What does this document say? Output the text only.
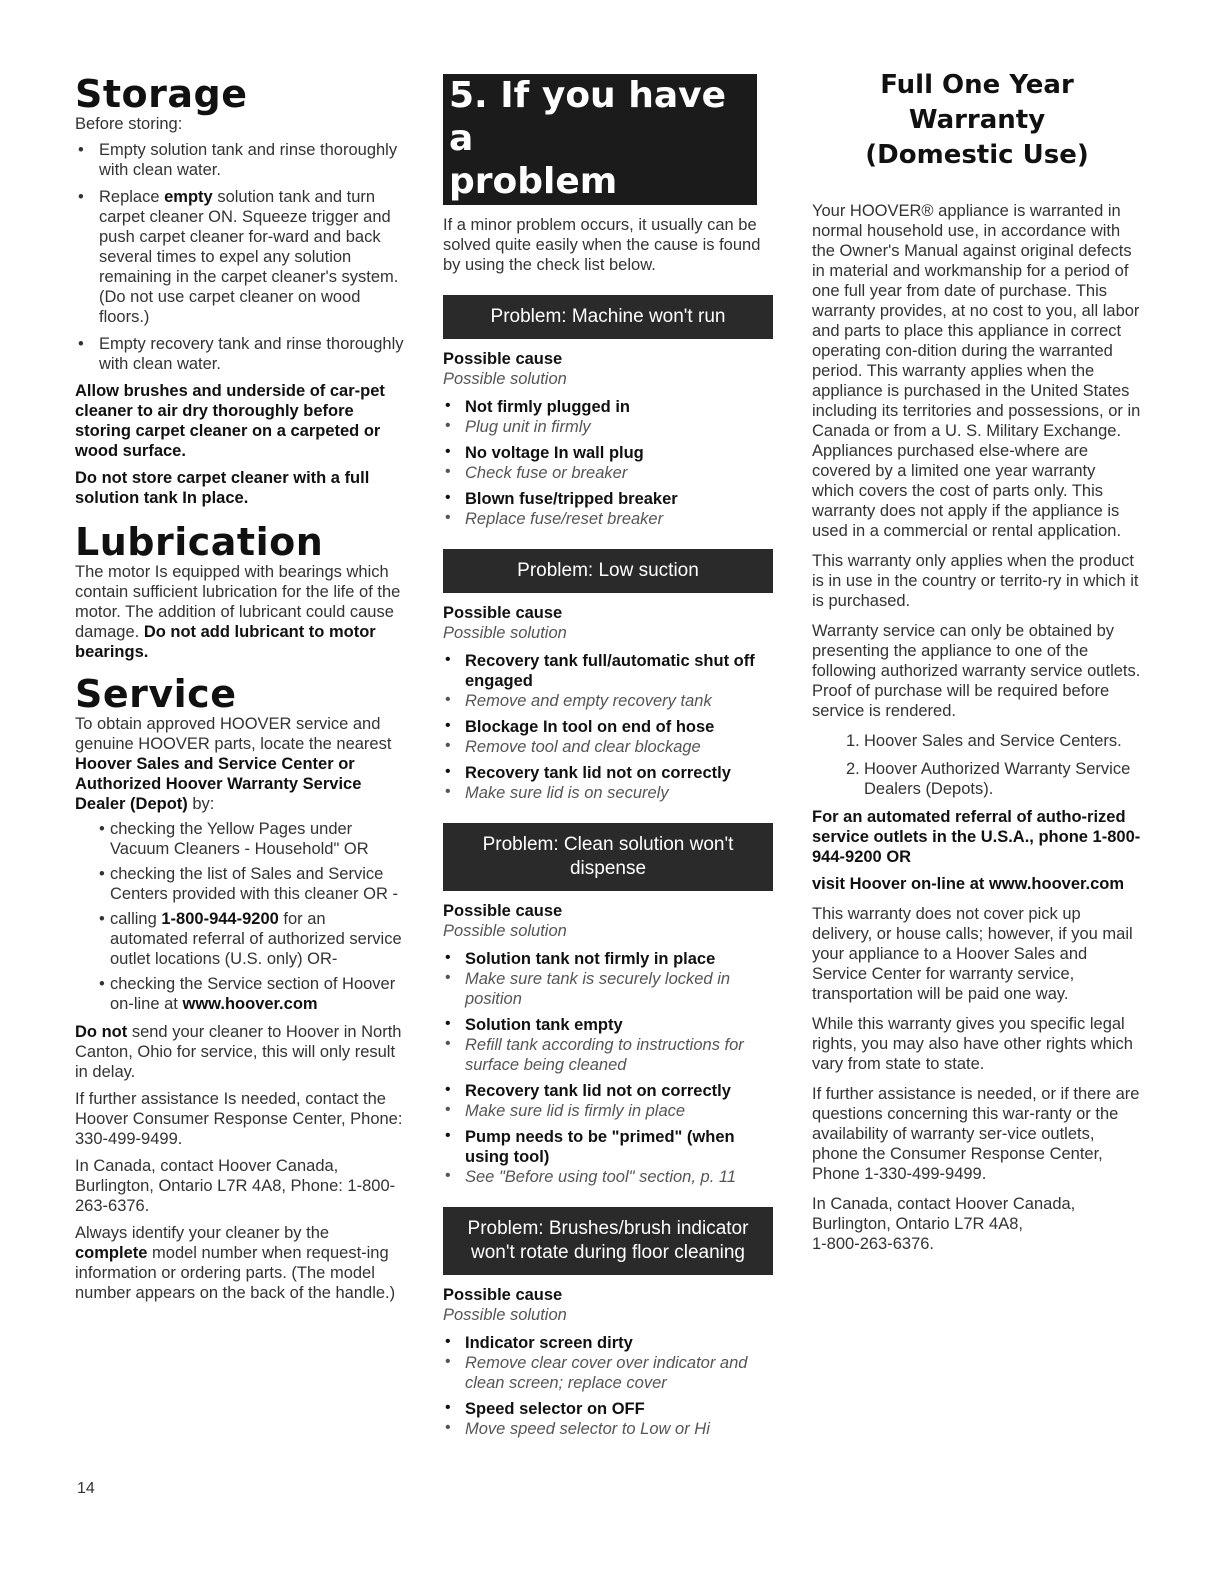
Storage

Before storing:

• Empty solution tank and rinse thoroughly with clean water.
• Replace empty solution tank and turn carpet cleaner ON. Squeeze trigger and push carpet cleaner for-ward and back several times to expel any solution remaining in the carpet cleaner's system. (Do not use carpet cleaner on wood floors.)
• Empty recovery tank and rinse thoroughly with clean water.

Allow brushes and underside of car-pet cleaner to air dry thoroughly before storing carpet cleaner on a carpeted or wood surface.

Do not store carpet cleaner with a full solution tank In place.

Lubrication

The motor Is equipped with bearings which contain sufficient lubrication for the life of the motor. The addition of lubricant could cause damage. Do not add lubricant to motor bearings.

Service

To obtain approved HOOVER service and genuine HOOVER parts, locate the nearest Hoover Sales and Service Center or Authorized Hoover Warranty Service Dealer (Depot) by:

• checking the Yellow Pages under Vacuum Cleaners - Household" OR
• checking the list of Sales and Service Centers provided with this cleaner OR -
• calling 1-800-944-9200 for an automated referral of authorized service outlet locations (U.S. only) OR-
• checking the Service section of Hoover on-line at www.hoover.com

Do not send your cleaner to Hoover in North Canton, Ohio for service, this will only result in delay.

If further assistance Is needed, contact the Hoover Consumer Response Center, Phone: 330-499-9499.

In Canada, contact Hoover Canada, Burlington, Ontario L7R 4A8, Phone: 1-800-263-6376.

Always identify your cleaner by the complete model number when request-ing information or ordering parts. (The model number appears on the back of the handle.)

5. If you have a
problem

If a minor problem occurs, it usually can be solved quite easily when the cause is found by using the check list below.

Problem: Machine won't run

Possible cause

Possible solution

• Not firmly plugged in
• Plug unit in firmly
• No voltage In wall plug
• Check fuse or breaker
• Blown fuse/tripped breaker
• Replace fuse/reset breaker
Problem: Low suction

Possible cause

Possible solution

• Recovery tank full/automatic shut off engaged
• Remove and empty recovery tank
• Blockage In tool on end of hose
• Remove tool and clear blockage
• Recovery tank lid not on correctly
• Make sure lid is on securely
Problem: Clean solution won't dispense

Possible cause

Possible solution

• Solution tank not firmly in place
• Make sure tank is securely locked in position
• Solution tank empty
• Refill tank according to instructions for surface being cleaned
• Recovery tank lid not on correctly
• Make sure lid is firmly in place
• Pump needs to be "primed" (when using tool)
• See "Before using tool" section, p. 11
Problem: Brushes/brush indicator won't rotate during floor cleaning

Possible cause

Possible solution

• Indicator screen dirty
• Remove clear cover over indicator and clean screen; replace cover
• Speed selector on OFF
• Move speed selector to Low or Hi
Full One Year
Warranty
(Domestic Use)

Your HOOVER® appliance is warranted in normal household use, in accordance with the Owner's Manual against original defects in material and workmanship for a period of one full year from date of purchase. This warranty provides, at no cost to you, all labor and parts to place this appliance in correct operating con-dition during the warranted period. This warranty applies when the appliance is purchased in the United States including its territories and possessions, or in Canada or from a U. S. Military Exchange. Appliances purchased else-where are covered by a limited one year warranty which covers the cost of parts only. This warranty does not apply if the appliance is used in a commercial or rental application.

This warranty only applies when the product is in use in the country or territo-ry in which it is purchased.

Warranty service can only be obtained by presenting the appliance to one of the following authorized warranty service outlets. Proof of purchase will be required before service is rendered.

1. Hoover Sales and Service Centers.
2. Hoover Authorized Warranty Service Dealers (Depots).

For an automated referral of autho-rized service outlets in the U.S.A., phone 1-800-944-9200 OR

visit Hoover on-line at www.hoover.com

This warranty does not cover pick up delivery, or house calls; however, if you mail your appliance to a Hoover Sales and Service Center for warranty service, transportation will be paid one way.

While this warranty gives you specific legal rights, you may also have other rights which vary from state to state.

If further assistance is needed, or if there are questions concerning this war-ranty or the availability of warranty ser-vice outlets, phone the Consumer Response Center,

Phone 1-330-499-9499.

In Canada, contact Hoover Canada,
Burlington, Ontario L7R 4A8,
1-800-263-6376.

14
